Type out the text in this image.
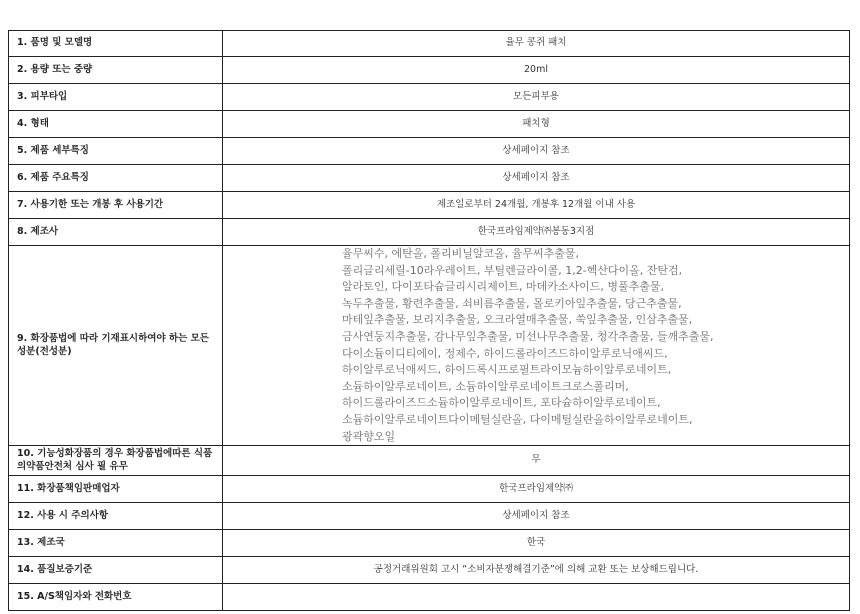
1. 품명 및 모델명	율무 콩쥐 패치
2. 용량 또는 중량	20ml
3. 피부타입	모든피부용
4. 형태	패치형
5. 제품 세부특징	상세페이지 참조
6. 제품 주요특징	상세페이지 참조
7. 사용기한 또는 개봉 후 사용기간	제조일로부터 24개월, 개봉후 12개월 이내 사용
8. 제조사	한국프라임제약㈜봉동3지점
9. 화장품법에 따라 기재표시하여야 하는 모든 성분(전성분)	율무씨수, 에탄올, 폴리비닐알코올, 율무씨추출물, 폴리글리세릴-10라우레이트, 부틸렌글라이콜, 1,2-헥산다이올, 잔탄검, 알라토인, 다이포타슘글리시리제이트, 마데카소사이드, 병풀추출물, 녹두추출물, 황련추출물, 쇠비름추출물, 몰로키아잎추출물, 당근추출물, 마테잎추출물, 보리지추출물, 오크라열매추출물, 쑥잎추출물, 인삼추출물, 금사연둥지추출물, 감나무잎추출물, 미선나무추출물, 청각추출물, 들깨추출물, 다이소듐이디티에이, 정제수, 하이드롤라이즈드하이알루로닉애씨드, 하이알루로닉애씨드, 하이드록시프로필트라이모늄하이알루로네이트, 소듐하이알루로네이트, 소듐하이알루로네이트크로스폴리머, 하이드롤라이즈드소듐하이알루로네이트, 포타슘하이알루로네이트, 소듐하이알루로네이트다이메틸실란올, 다이메틸실란올하이알루로네이트, 광곽향오일

10. 기능성화장품의 경우 화장품법에따른 식품의약품안전처 심사 필 유무	무
11. 화장품책임판매업자	한국프라임제약㈜
12. 사용 시 주의사항	상세페이지 참조
13. 제조국	한국
14. 품질보증기준	공정거래위원회 고시 “소비자분쟁해결기준”에 의해 교환 또는 보상해드립니다.
15. A/S책임자와 전화번호	
